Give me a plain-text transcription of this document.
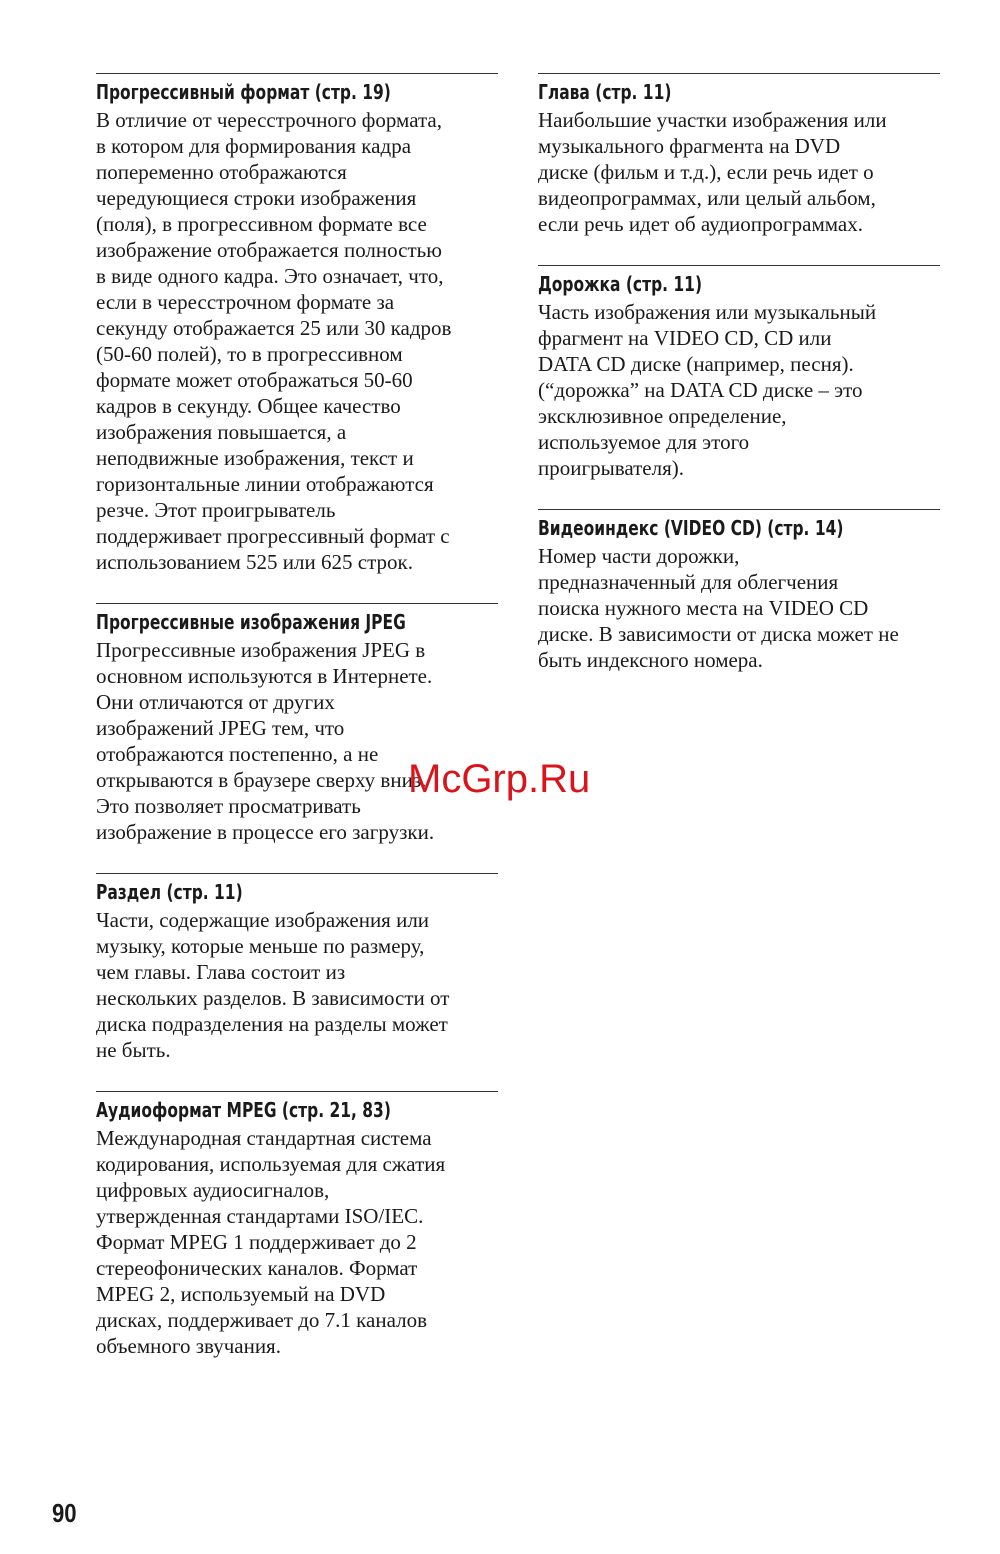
Прогрессивный формат (стр. 19)
В отличие от чересстрочного формата,
в котором для формирования кадра
попеременно отображаются
чередующиеся строки изображения
(поля), в прогрессивном формате все
изображение отображается полностью
в виде одного кадра. Это означает, что,
если в чересстрочном формате за
секунду отображается 25 или 30 кадров
(50-60 полей), то в прогрессивном
формате может отображаться 50-60
кадров в секунду. Общее качество
изображения повышается, а
неподвижные изображения, текст и
горизонтальные линии отображаются
резче. Этот проигрыватель
поддерживает прогрессивный формат с
использованием 525 или 625 строк.
Прогрессивные изображения JPEG
Прогрессивные изображения JPEG в
основном используются в Интернете.
Они отличаются от других
изображений JPEG тем, что
отображаются постепенно, а не
открываются в браузере сверху вниз.
Это позволяет просматривать
изображение в процессе его загрузки.
Раздел (стр. 11)
Части, содержащие изображения или
музыку, которые меньше по размеру,
чем главы. Глава состоит из
нескольких разделов. В зависимости от
диска подразделения на разделы может
не быть.
Аудиоформат MPEG (стр. 21, 83)
Международная стандартная система
кодирования, используемая для сжатия
цифровых аудиосигналов,
утвержденная стандартами ISO/IEC.
Формат MPEG 1 поддерживает до 2
стереофонических каналов. Формат
MPEG 2, используемый на DVD
дисках, поддерживает до 7.1 каналов
объемного звучания.
Глава (стр. 11)
Наибольшие участки изображения или
музыкального фрагмента на DVD
диске (фильм и т.д.), если речь идет о
видеопрограммах, или целый альбом,
если речь идет об аудиопрограммах.
Дорожка (стр. 11)
Часть изображения или музыкальный
фрагмент на VIDEO CD, CD или
DATA CD диске (например, песня).
(“дорожка” на DATA CD диске – это
эксклюзивное определение,
используемое для этого
проигрывателя).
Видеоиндекс (VIDEO CD) (стр. 14)
Номер части дорожки,
предназначенный для облегчения
поиска нужного места на VIDEO CD
диске. В зависимости от диска может не
быть индексного номера.
McGrp.Ru
90
